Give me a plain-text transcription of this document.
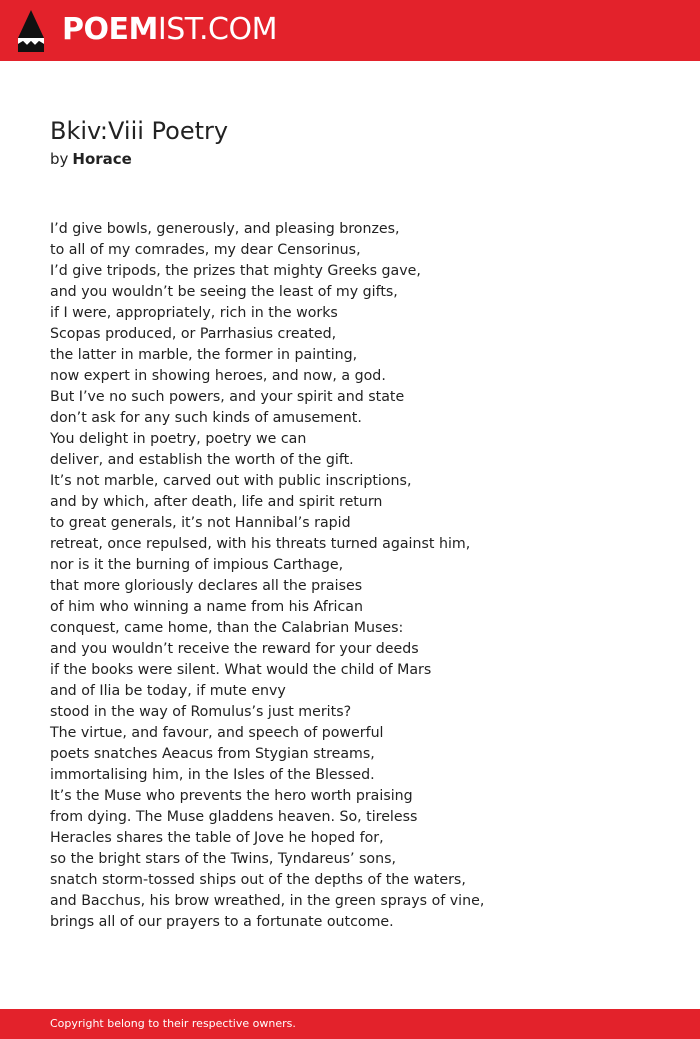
POEMIST.COM
Bkiv:Viii Poetry
by Horace
I’d give bowls, generously, and pleasing bronzes,
to all of my comrades, my dear Censorinus,
I’d give tripods, the prizes that mighty Greeks gave,
and you wouldn’t be seeing the least of my gifts,
if I were, appropriately, rich in the works
Scopas produced, or Parrhasius created,
the latter in marble, the former in painting,
now expert in showing heroes, and now, a god.
But I’ve no such powers, and your spirit and state
don’t ask for any such kinds of amusement.
You delight in poetry, poetry we can
deliver, and establish the worth of the gift.
It’s not marble, carved out with public inscriptions,
and by which, after death, life and spirit return
to great generals, it’s not Hannibal’s rapid
retreat, once repulsed, with his threats turned against him,
nor is it the burning of impious Carthage,
that more gloriously declares all the praises
of him who winning a name from his African
conquest, came home, than the Calabrian Muses:
and you wouldn’t receive the reward for your deeds
if the books were silent. What would the child of Mars
and of Ilia be today, if mute envy
stood in the way of Romulus’s just merits?
The virtue, and favour, and speech of powerful
poets snatches Aeacus from Stygian streams,
immortalising him, in the Isles of the Blessed.
It’s the Muse who prevents the hero worth praising
from dying. The Muse gladdens heaven. So, tireless
Heracles shares the table of Jove he hoped for,
so the bright stars of the Twins, Tyndareus’ sons,
snatch storm-tossed ships out of the depths of the waters,
and Bacchus, his brow wreathed, in the green sprays of vine,
brings all of our prayers to a fortunate outcome.
Copyright belong to their respective owners.
